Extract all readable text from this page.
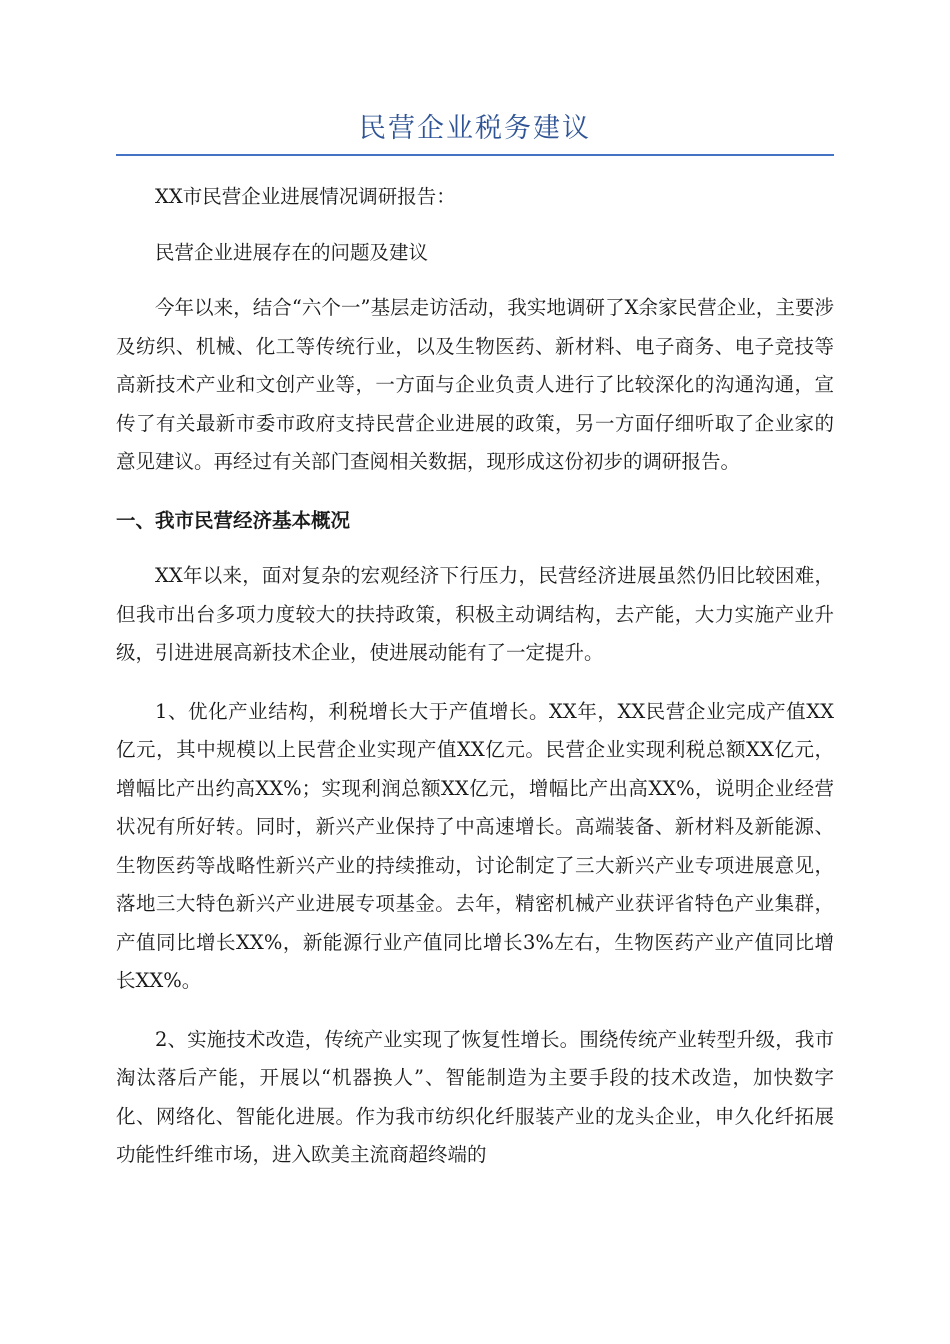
民营企业税务建议

XX市民营企业进展情况调研报告：

民营企业进展存在的问题及建议

今年以来，结合“六个一”基层走访活动，我实地调研了X余家民营企业，主要涉及纺织、机械、化工等传统行业，以及生物医药、新材料、电子商务、电子竞技等高新技术产业和文创产业等，一方面与企业负责人进行了比较深化的沟通沟通，宣传了有关最新市委市政府支持民营企业进展的政策，另一方面仔细听取了企业家的意见建议。再经过有关部门查阅相关数据，现形成这份初步的调研报告。

一、我市民营经济基本概况

XX年以来，面对复杂的宏观经济下行压力，民营经济进展虽然仍旧比较困难，但我市出台多项力度较大的扶持政策，积极主动调结构，去产能，大力实施产业升级，引进进展高新技术企业，使进展动能有了一定提升。

1、优化产业结构，利税增长大于产值增长。XX年，XX民营企业完成产值XX亿元，其中规模以上民营企业实现产值XX亿元。民营企业实现利税总额XX亿元，增幅比产出约高XX%；实现利润总额XX亿元，增幅比产出高XX%，说明企业经营状况有所好转。同时，新兴产业保持了中高速增长。高端装备、新材料及新能源、生物医药等战略性新兴产业的持续推动，讨论制定了三大新兴产业专项进展意见，落地三大特色新兴产业进展专项基金。去年，精密机械产业获评省特色产业集群，产值同比增长XX%，新能源行业产值同比增长3%左右，生物医药产业产值同比增长XX%。

2、实施技术改造，传统产业实现了恢复性增长。围绕传统产业转型升级，我市淘汰落后产能，开展以“机器换人”、智能制造为主要手段的技术改造，加快数字化、网络化、智能化进展。作为我市纺织化纤服装产业的龙头企业，申久化纤拓展功能性纤维市场，进入欧美主流商超终端的
